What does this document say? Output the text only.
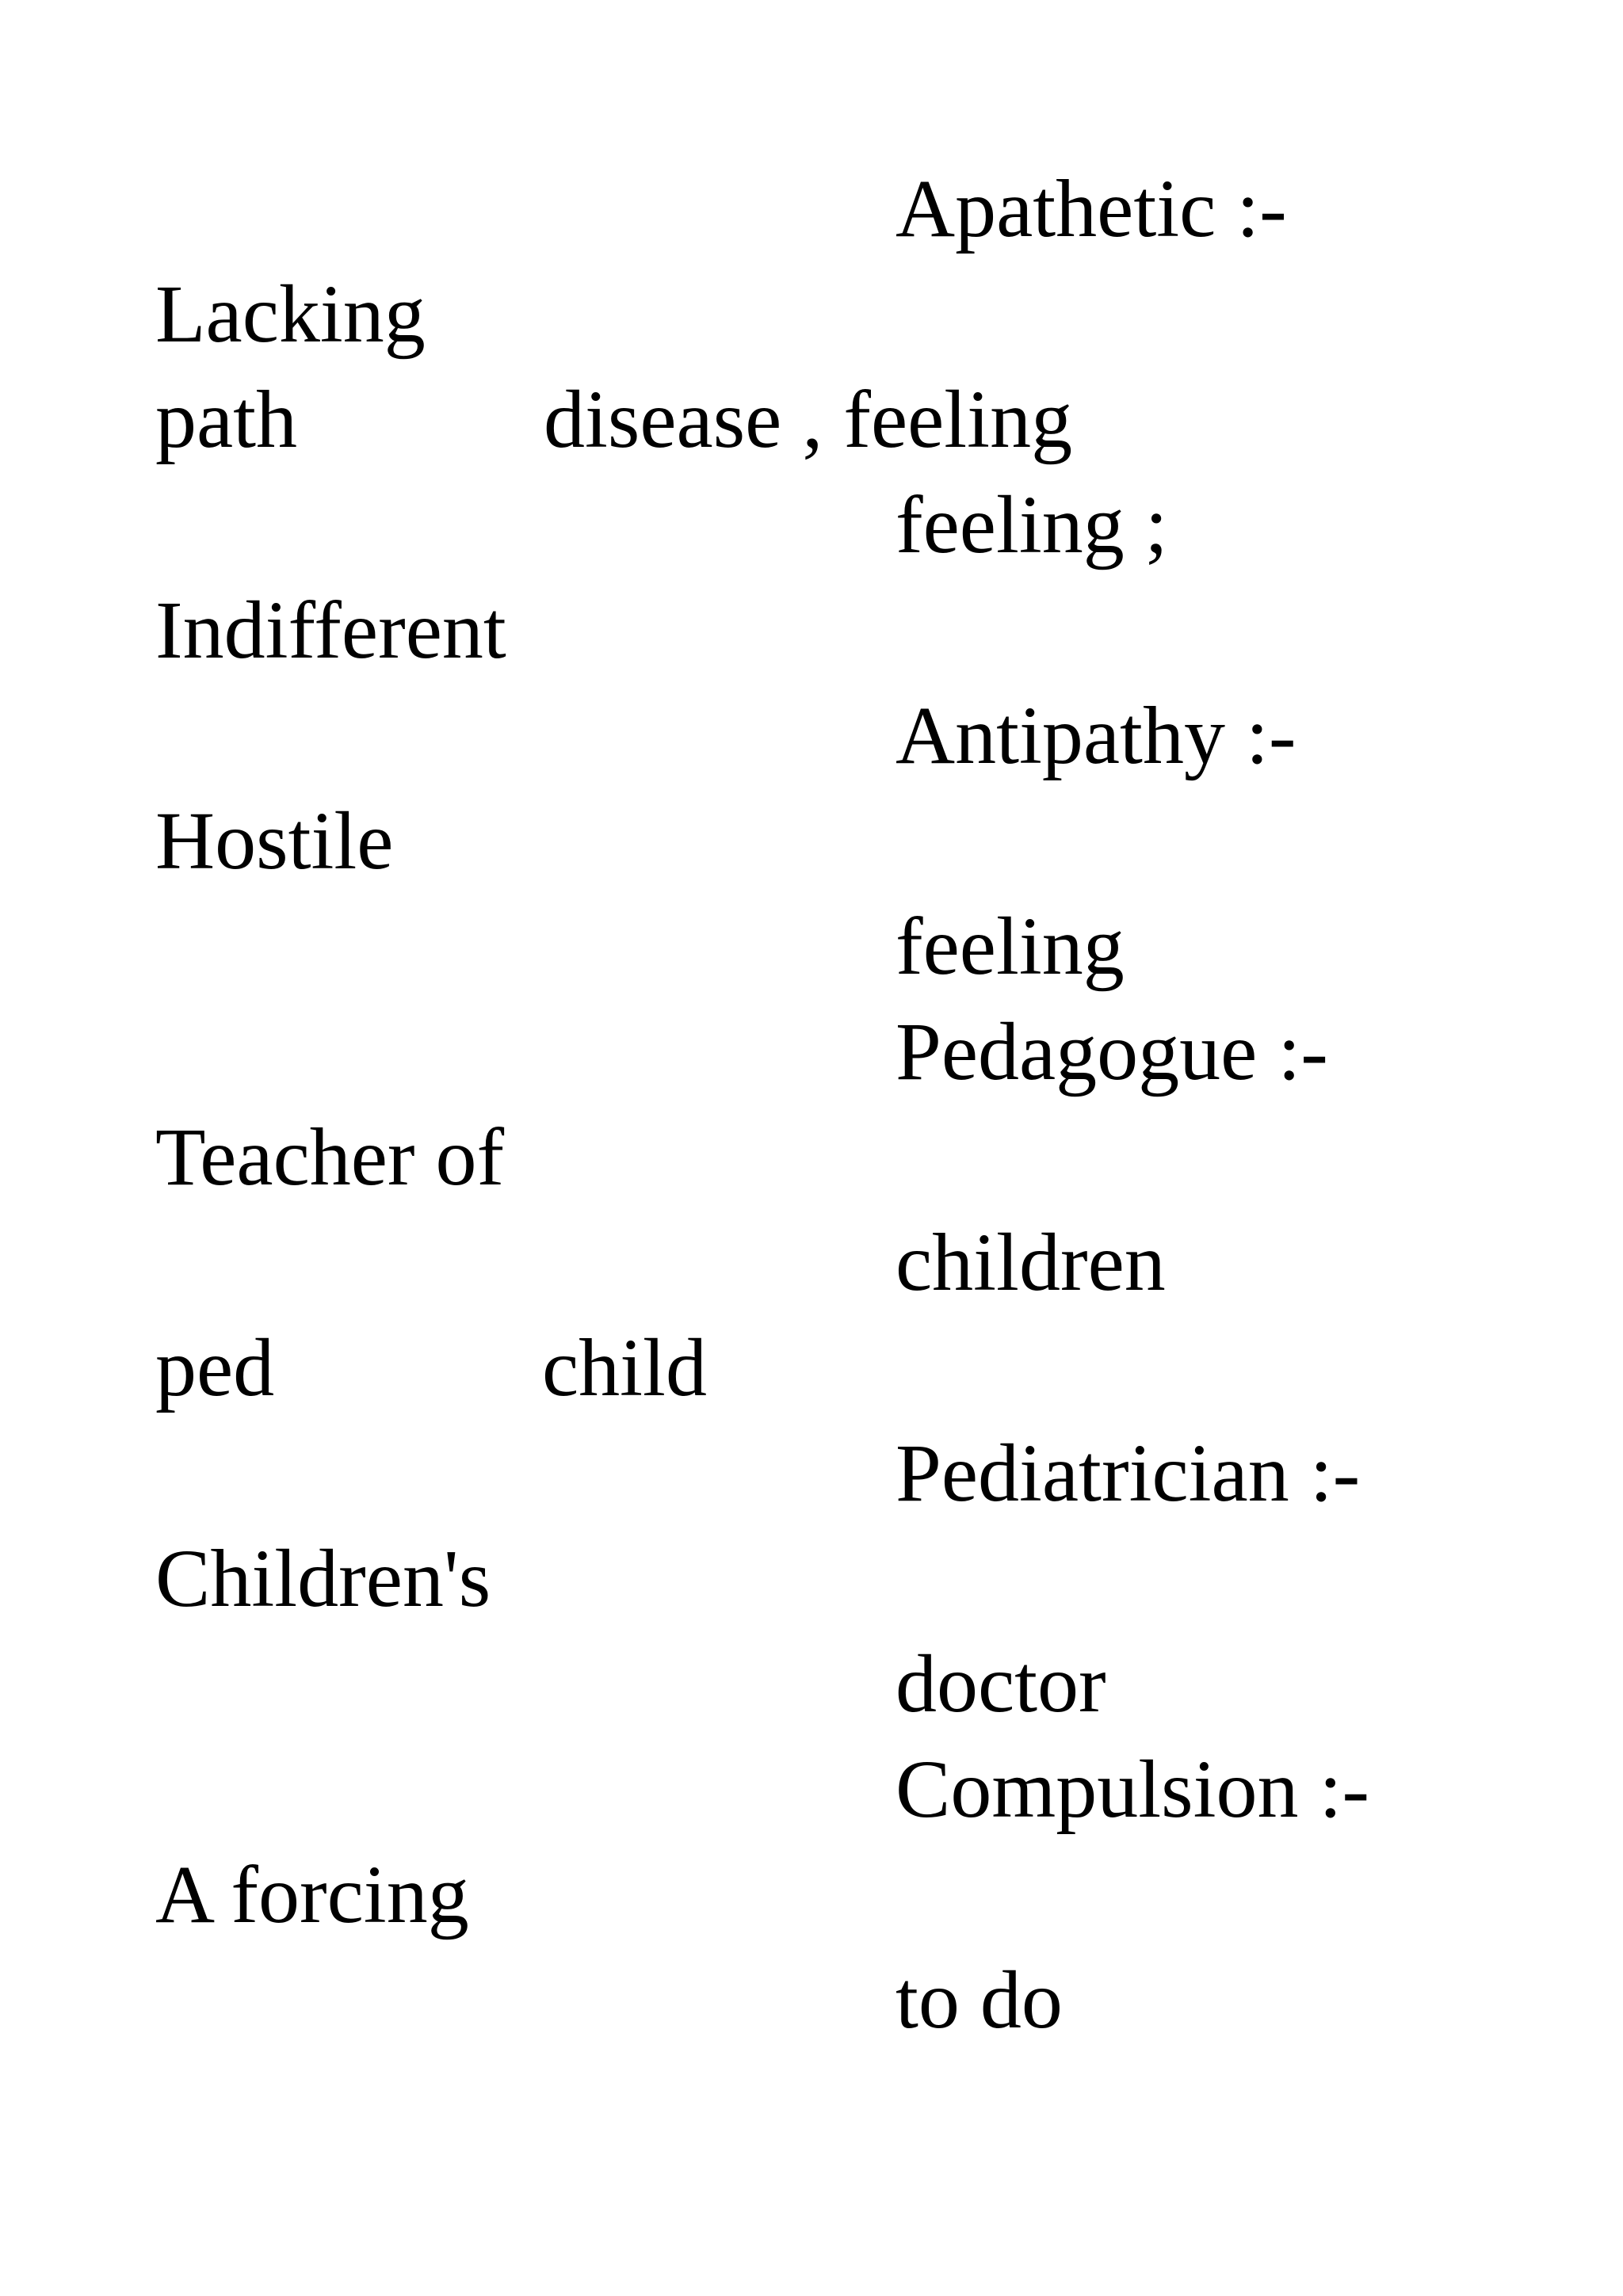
Apathetic :-
Lacking
path	disease , feeling
feeling ;
Indifferent
Antipathy :-
Hostile
feeling
Pedagogue :-
Teacher of
children
ped	child
Pediatrician :-
Children's
doctor
Compulsion :-
A forcing
to do
